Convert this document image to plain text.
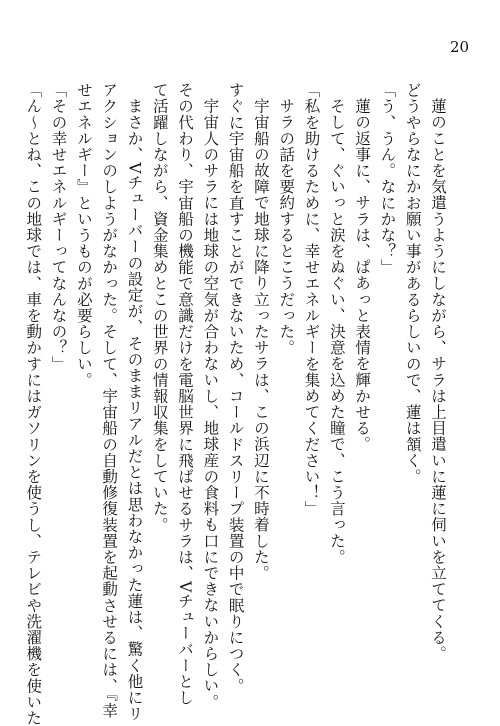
20
蓮のことを気遣うようにしながら、サラは上目遣いに蓮に伺いを立ててくる。
どうやらなにかお願い事があるらしいので、蓮は頷く。
「う、うん。なにかな？」
蓮の返事に、サラは、ぱあっと表情を輝かせる。
そして、ぐいっと涙をぬぐい、決意を込めた瞳で、こう言った。
「私を助けるために、幸せエネルギーを集めてください！」
サラの話を要約するとこうだった。
宇宙船の故障で地球に降り立ったサラは、この浜辺に不時着した。
すぐに宇宙船を直すことができないため、コールドスリープ装置の中で眠りにつく。
宇宙人のサラには地球の空気が合わないし、地球産の食料も口にできないからしい。
その代わり、宇宙船の機能で意識だけを電脳世界に飛ばせるサラは、Vチューバーとし
て活躍しながら、資金集めとこの世界の情報収集をしていた。
まさか、Vチューバーの設定が、そのままリアルだとは思わなかった蓮は、驚く他にリ
アクションのしようがなかった。そして、宇宙船の自動修復装置を起動させるには、『幸
せエネルギー』というものが必要らしい。
「その幸せエネルギーってなんなの？」
「ん～とね、この地球では、車を動かすにはガソリンを使うし、テレビや洗濯機を使いた
